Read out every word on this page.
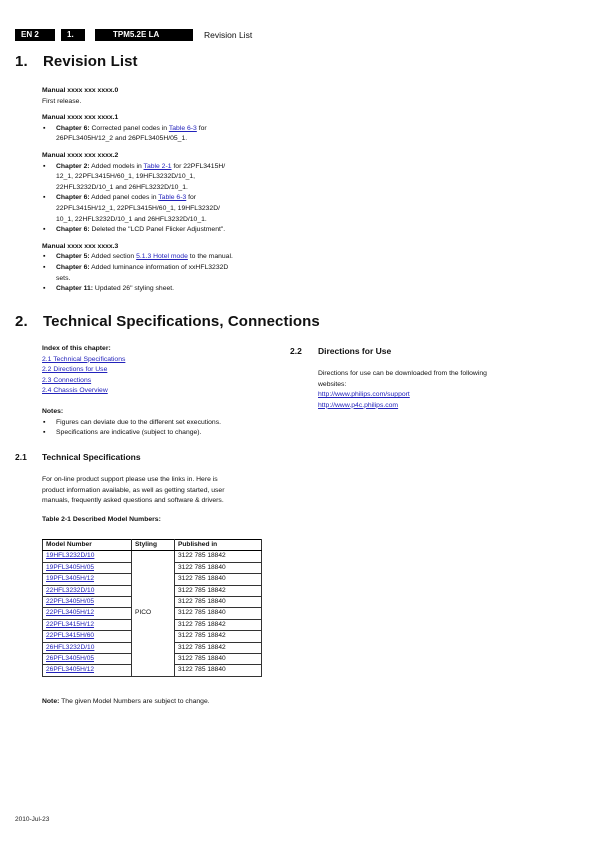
EN 2	1.	TPM5.2E LA	Revision List
1. Revision List
Manual xxxx xxx xxxx.0
First release.
Manual xxxx xxx xxxx.1
▪ Chapter 6: Corrected panel codes in Table 6-3 for
26PFL3405H/12_2 and 26PFL3405H/05_1.
Manual xxxx xxx xxxx.2
▪ Chapter 2: Added models in Table 2-1 for 22PFL3415H/
12_1, 22PFL3415H/60_1, 19HFL3232D/10_1,
22HFL3232D/10_1 and 26HFL3232D/10_1.
▪ Chapter 6: Added panel codes in Table 6-3 for
22PFL3415H/12_1, 22PFL3415H/60_1, 19HFL3232D/
10_1, 22HFL3232D/10_1 and 26HFL3232D/10_1.
▪ Chapter 6: Deleted the "LCD Panel Flicker Adjustment".
Manual xxxx xxx xxxx.3
▪ Chapter 5: Added section 5.1.3 Hotel mode to the manual.
▪ Chapter 6: Added luminance information of xxHFL3232D
sets.
▪ Chapter 11: Updated 26" styling sheet.
2. Technical Specifications, Connections
Index of this chapter:
2.1 Technical Specifications
2.2 Directions for Use
2.3 Connections
2.4 Chassis Overview
Notes:
▪ Figures can deviate due to the different set executions.
▪ Specifications are indicative (subject to change).
2.1 Technical Specifications
For on-line product support please use the links in. Here is
product information available, as well as getting started, user
manuals, frequently asked questions and software & drivers.
Table 2-1 Described Model Numbers:
Model Number	Styling	Published in
19HFL3232D/10	PICO	3122 785 18842
19PFL3405H/05		3122 785 18840
19PFL3405H/12		3122 785 18840
22HFL3232D/10		3122 785 18842
22PFL3405H/05		3122 785 18840
22PFL3405H/12		3122 785 18840
22PFL3415H/12		3122 785 18842
22PFL3415H/60		3122 785 18842
26HFL3232D/10		3122 785 18842
26PFL3405H/05		3122 785 18840
26PFL3405H/12		3122 785 18840
Note: The given Model Numbers are subject to change.
2.2 Directions for Use
Directions for use can be downloaded from the following
websites:
http://www.philips.com/support
http://www.p4c.philips.com
2010-Jul-23
